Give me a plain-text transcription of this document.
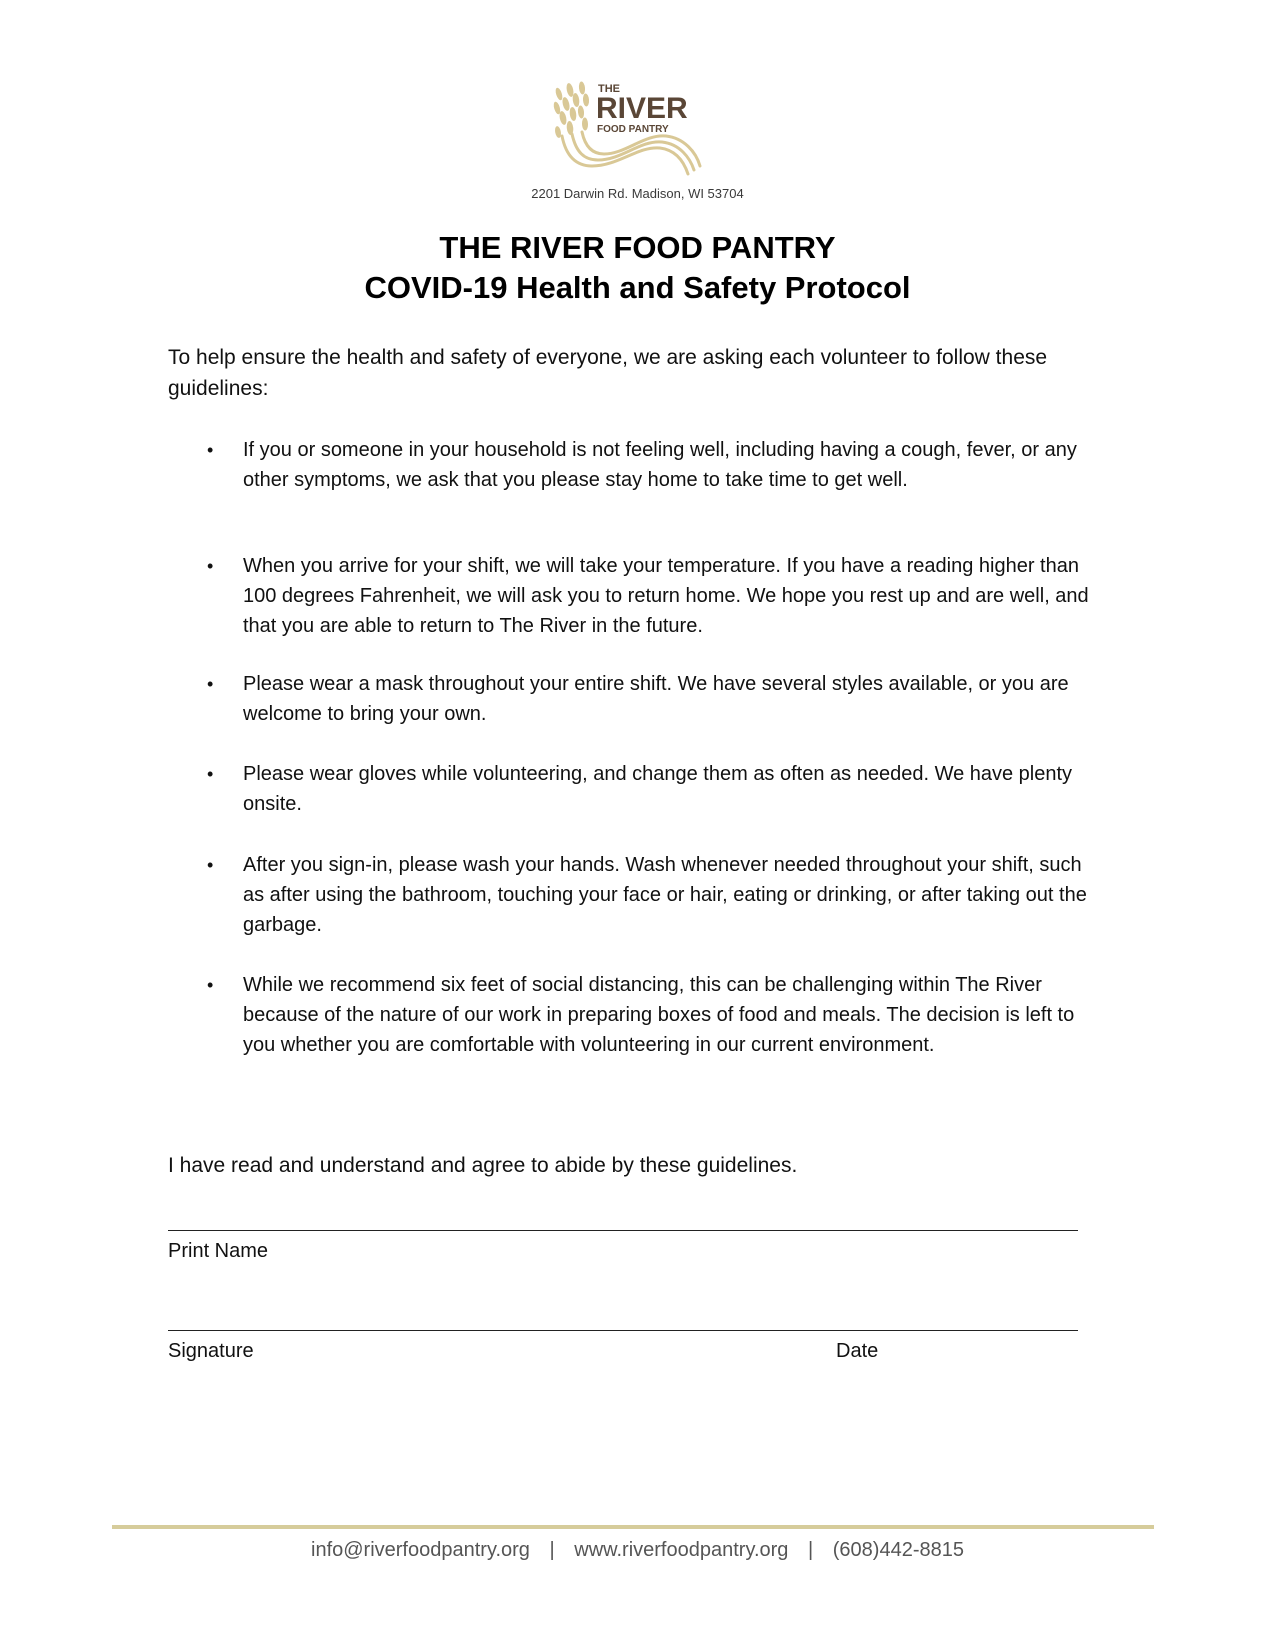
THE
RIVER
FOOD PANTRY
2201 Darwin Rd. Madison, WI 53704
THE RIVER FOOD PANTRY
COVID-19 Health and Safety Protocol
To help ensure the health and safety of everyone, we are asking each volunteer to follow these guidelines:
• If you or someone in your household is not feeling well, including having a cough, fever, or any other symptoms, we ask that you please stay home to take time to get well.
• When you arrive for your shift, we will take your temperature. If you have a reading higher than 100 degrees Fahrenheit, we will ask you to return home. We hope you rest up and are well, and that you are able to return to The River in the future.
• Please wear a mask throughout your entire shift. We have several styles available, or you are welcome to bring your own.
• Please wear gloves while volunteering, and change them as often as needed. We have plenty onsite.
• After you sign-in, please wash your hands. Wash whenever needed throughout your shift, such as after using the bathroom, touching your face or hair, eating or drinking, or after taking out the garbage.
• While we recommend six feet of social distancing, this can be challenging within The River because of the nature of our work in preparing boxes of food and meals. The decision is left to you whether you are comfortable with volunteering in our current environment.
I have read and understand and agree to abide by these guidelines.
Print Name
Signature	Date
info@riverfoodpantry.org | www.riverfoodpantry.org | (608)442-8815
